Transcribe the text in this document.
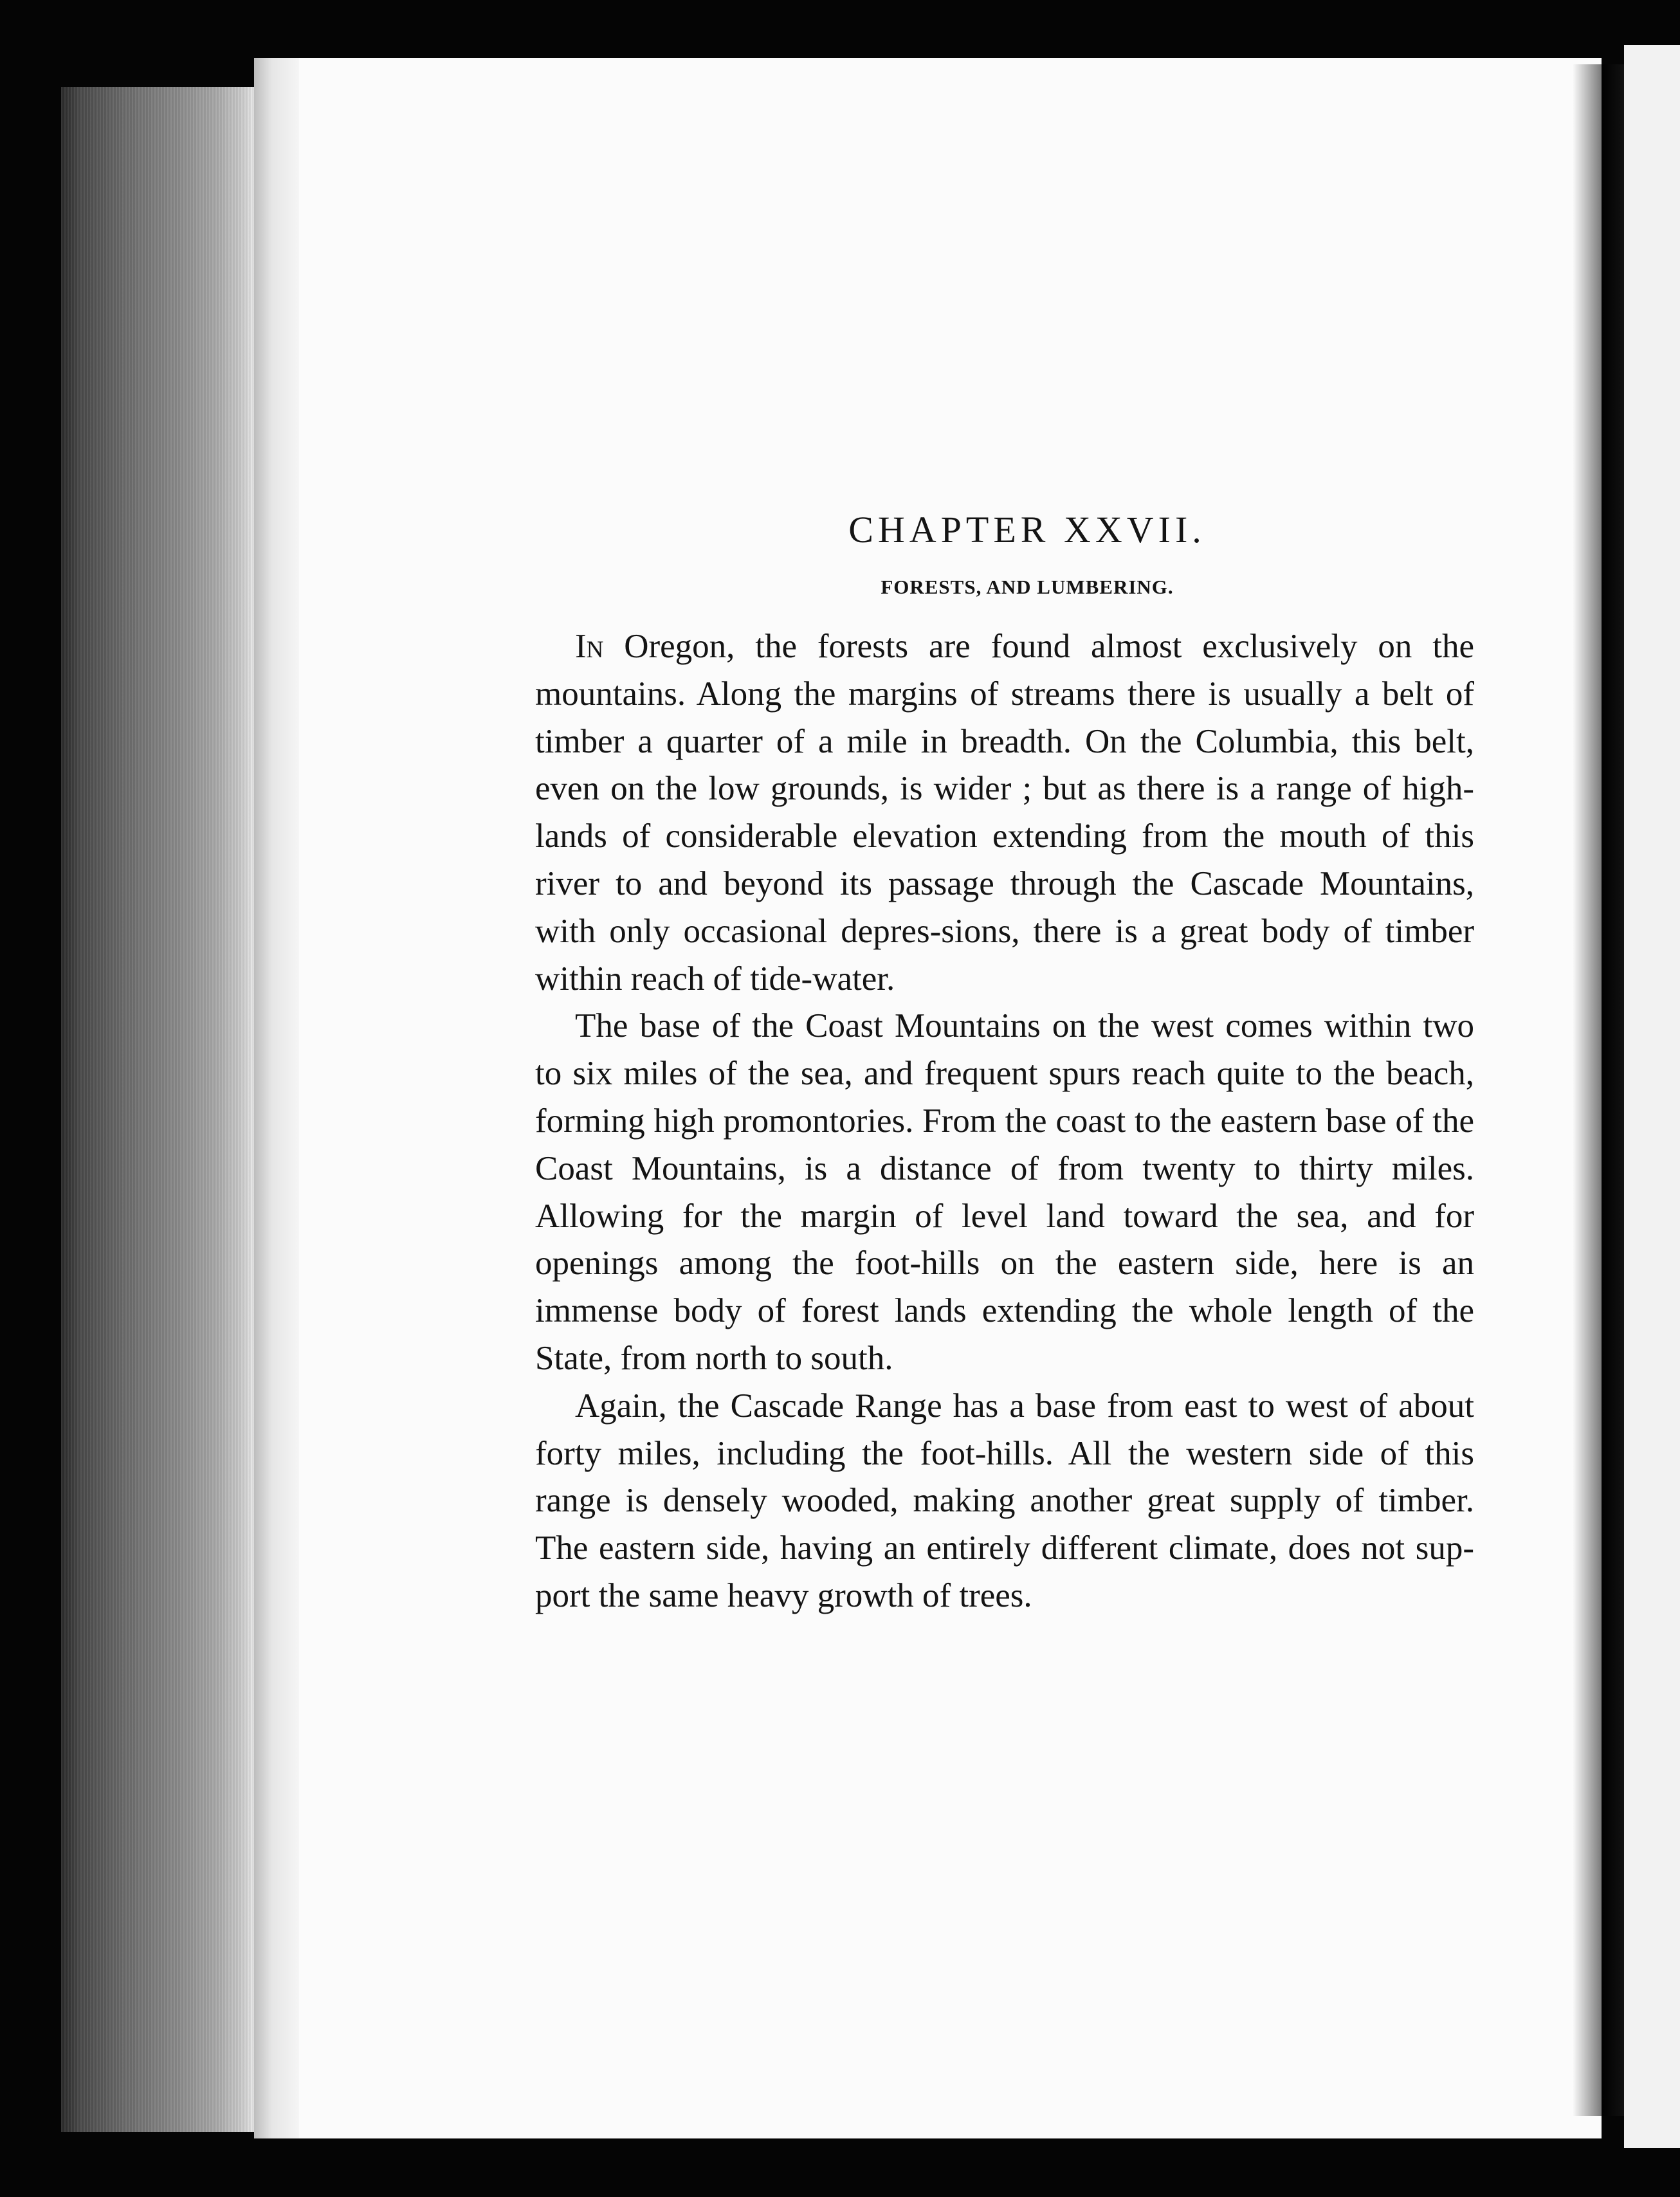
CHAPTER XXVII.
FORESTS, AND LUMBERING.

In Oregon, the forests are found almost exclusively on the mountains. Along the margins of streams there is usually a belt of timber a quarter of a mile in breadth. On the Columbia, this belt, even on the low grounds, is wider ; but as there is a range of high-lands of considerable elevation extending from the mouth of this river to and beyond its passage through the Cascade Mountains, with only occasional depres-sions, there is a great body of timber within reach of tide-water.

The base of the Coast Mountains on the west comes within two to six miles of the sea, and frequent spurs reach quite to the beach, forming high promontories. From the coast to the eastern base of the Coast Mountains, is a distance of from twenty to thirty miles. Allowing for the margin of level land toward the sea, and for openings among the foot-hills on the eastern side, here is an immense body of forest lands extending the whole length of the State, from north to south.

Again, the Cascade Range has a base from east to west of about forty miles, including the foot-hills. All the western side of this range is densely wooded, making another great supply of timber. The eastern side, having an entirely different climate, does not sup-port the same heavy growth of trees.
